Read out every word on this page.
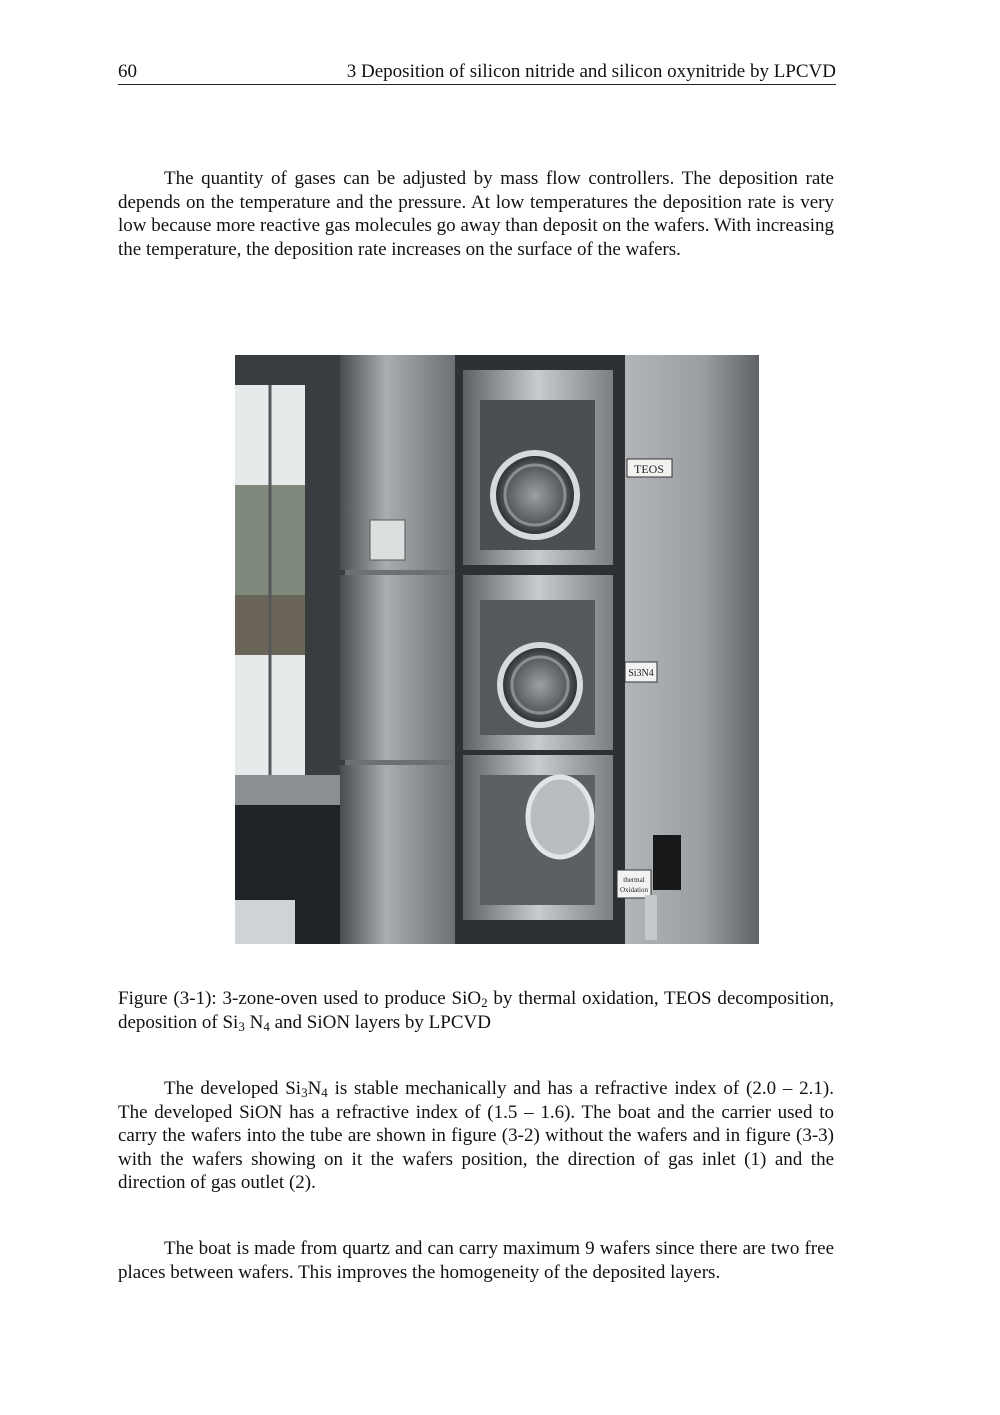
60	3 Deposition of silicon nitride and silicon oxynitride by LPCVD

The quantity of gases can be adjusted by mass flow controllers. The deposition rate depends on the temperature and the pressure. At low temperatures the deposition rate is very low because more reactive gas molecules go away than deposit on the wafers. With increasing the temperature, the deposition rate increases on the surface of the wafers.

TEOS
Si3N4
thermal
Oxidation

Figure (3-1): 3-zone-oven used to produce SiO$_2$ by thermal oxidation, TEOS decomposition, deposition of $Si_3$ $N_4$ and SiON layers by LPCVD

The developed $Si_3N_4$ is stable mechanically and has a refractive index of (2.0 – 2.1). The developed SiON has a refractive index of (1.5 – 1.6). The boat and the carrier used to carry the wafers into the tube are shown in figure (3-2) without the wafers and in figure (3-3) with the wafers showing on it the wafers position, the direction of gas inlet (1) and the direction of gas outlet (2).

The boat is made from quartz and can carry maximum 9 wafers since there are two free places between wafers. This improves the homogeneity of the deposited layers.
